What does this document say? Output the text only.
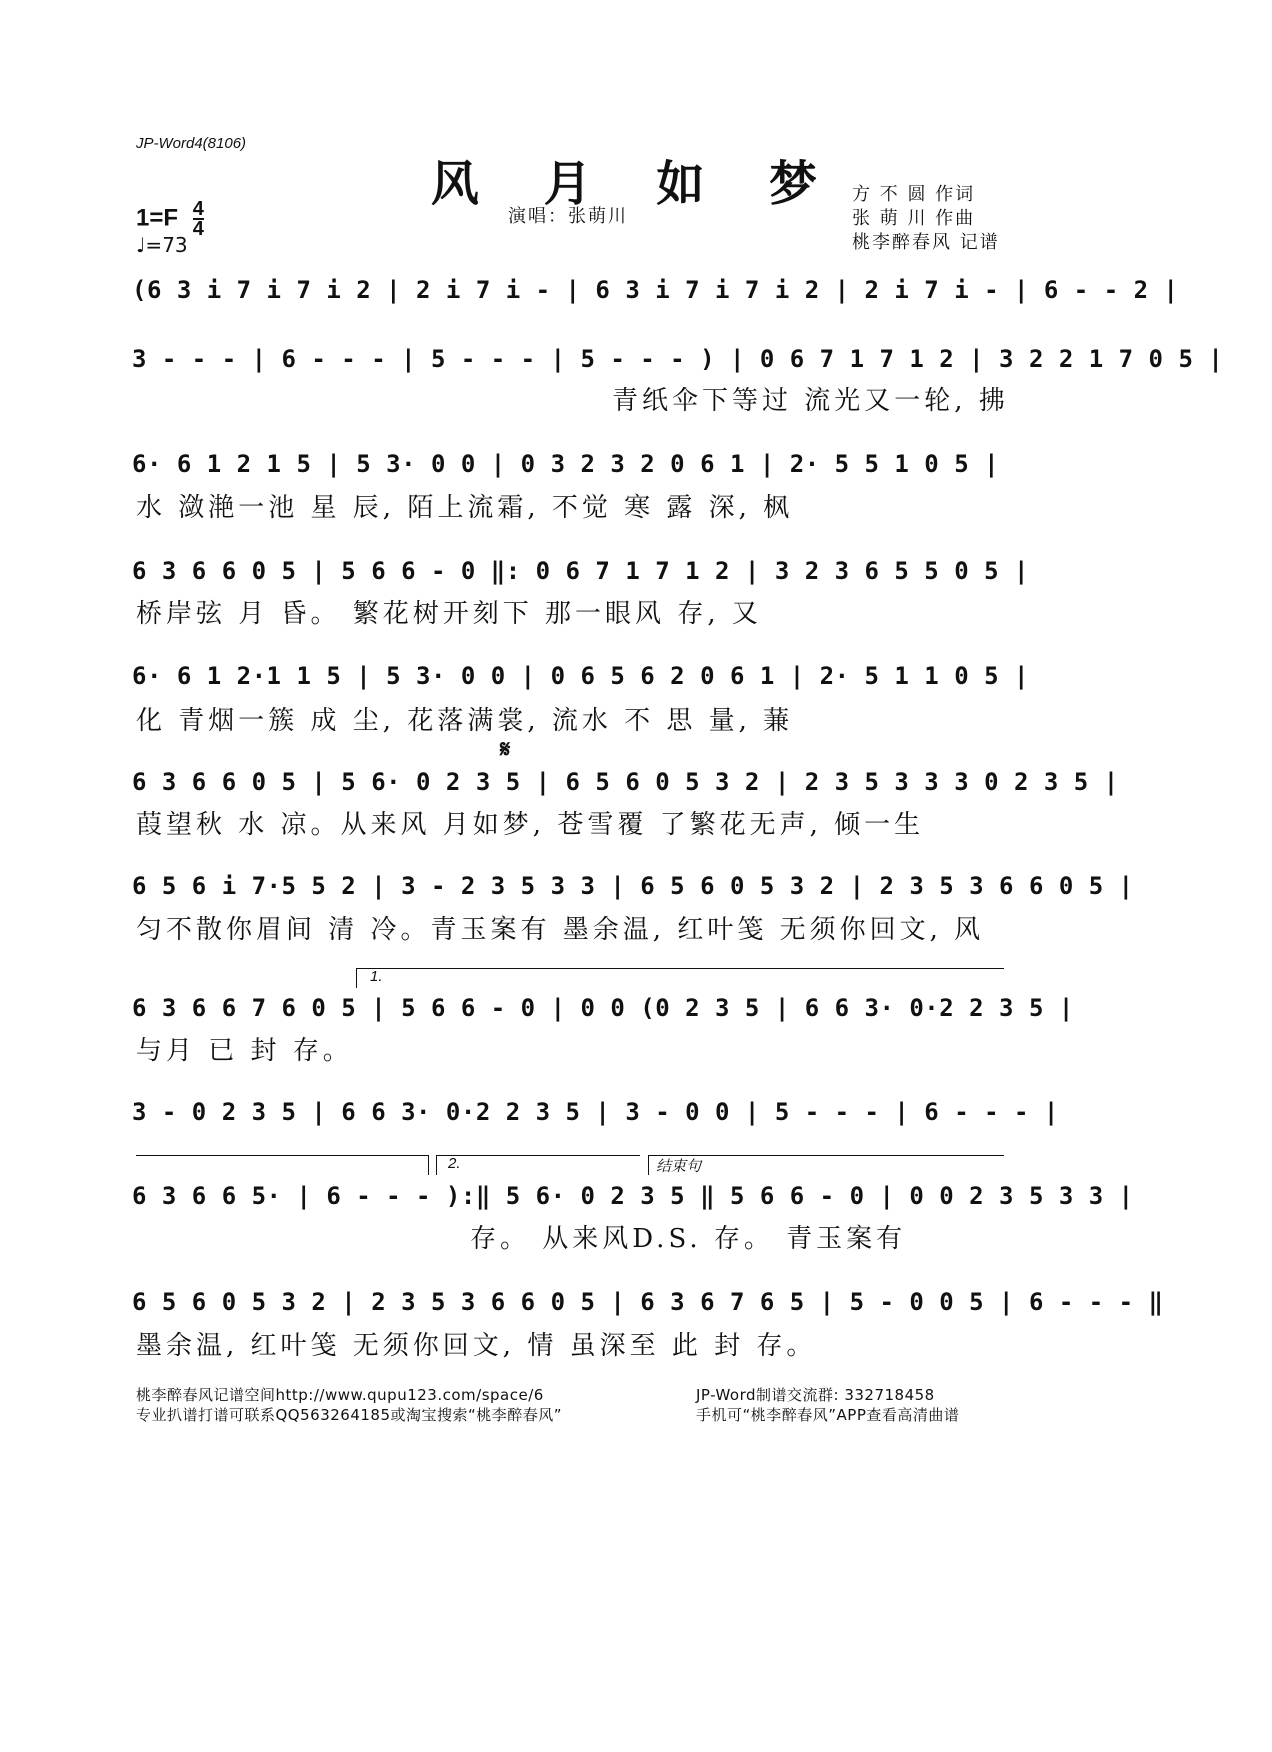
JP-Word4(8106)
风 月 如 梦
演唱：张萌川
方 不 圆 作词
张 萌 川 作曲
桃李醉春风 记谱
$1=F \frac{4}{4}$
♩=73
(6 3 i 7 i 7 i 2 | 2 i 7 i - | 6 3 i 7 i 7 i 2 | 2 i 7 i - | 6 - - 2 |
3 - - - | 6 - - - | 5 - - - | 5 - - - ) | 0 6 7 1 7 1 2 | 3 2 2 1 7 0 5 |
青纸伞下等过 流光又一轮, 拂
6· 6 1 2 1 5 | 5 3· 0 0 | 0 3 2 3 2 0 6 1 | 2· 5 5 1 0 5 |
水 潋滟一池 星 辰, 陌上流霜, 不觉 寒 露 深, 枫
6 3 6 6 0 5 | 5 6 6 - 0 ‖: 0 6 7 1 7 1 2 | 3 2 3 6 5 5 0 5 |
桥岸弦 月 昏。 繁花树开刻下 那一眼风 存, 又
6· 6 1 2·1 1 5 | 5 3· 0 0 | 0 6 5 6 2 0 6 1 | 2· 5 1 1 0 5 |
化 青烟一簇 成 尘, 花落满裳, 流水 不 思 量, 蒹
𝄋
6 3 6 6 0 5 | 5 6· 0 2 3 5 | 6 5 6 0 5 3 2 | 2 3 5 3 3 3 0 2 3 5 |
葭望秋 水 凉。从来风 月如梦, 苍雪覆 了繁花无声, 倾一生
6 5 6 i 7·5 5 2 | 3 - 2 3 5 3 3 | 6 5 6 0 5 3 2 | 2 3 5 3 6 6 0 5 |
匀不散你眉间 清 冷。青玉案有 墨余温, 红叶笺 无须你回文, 风
1.
6 3 6 6 7 6 0 5 | 5 6 6 - 0 | 0 0 (0 2 3 5 | 6 6 3· 0·2 2 3 5 |
与月 已 封 存。
3 - 0 2 3 5 | 6 6 3· 0·2 2 3 5 | 3 - 0 0 | 5 - - - | 6 - - - |
2.	结束句
6 3 6 6 5· | 6 - - - ):‖ 5 6· 0 2 3 5 ‖ 5 6 6 - 0 | 0 0 2 3 5 3 3 |
存。 从来风D.S. 存。 青玉案有
6 5 6 0 5 3 2 | 2 3 5 3 6 6 0 5 | 6 3 6 7 6 5 | 5 - 0 0 5 | 6 - - - ‖
墨余温, 红叶笺 无须你回文, 情 虽深至 此 封 存。
桃李醉春风记谱空间http://www.qupu123.com/space/6
专业扒谱打谱可联系QQ563264185或淘宝搜索“桃李醉春风”
JP-Word制谱交流群: 332718458
手机可“桃李醉春风”APP查看高清曲谱
